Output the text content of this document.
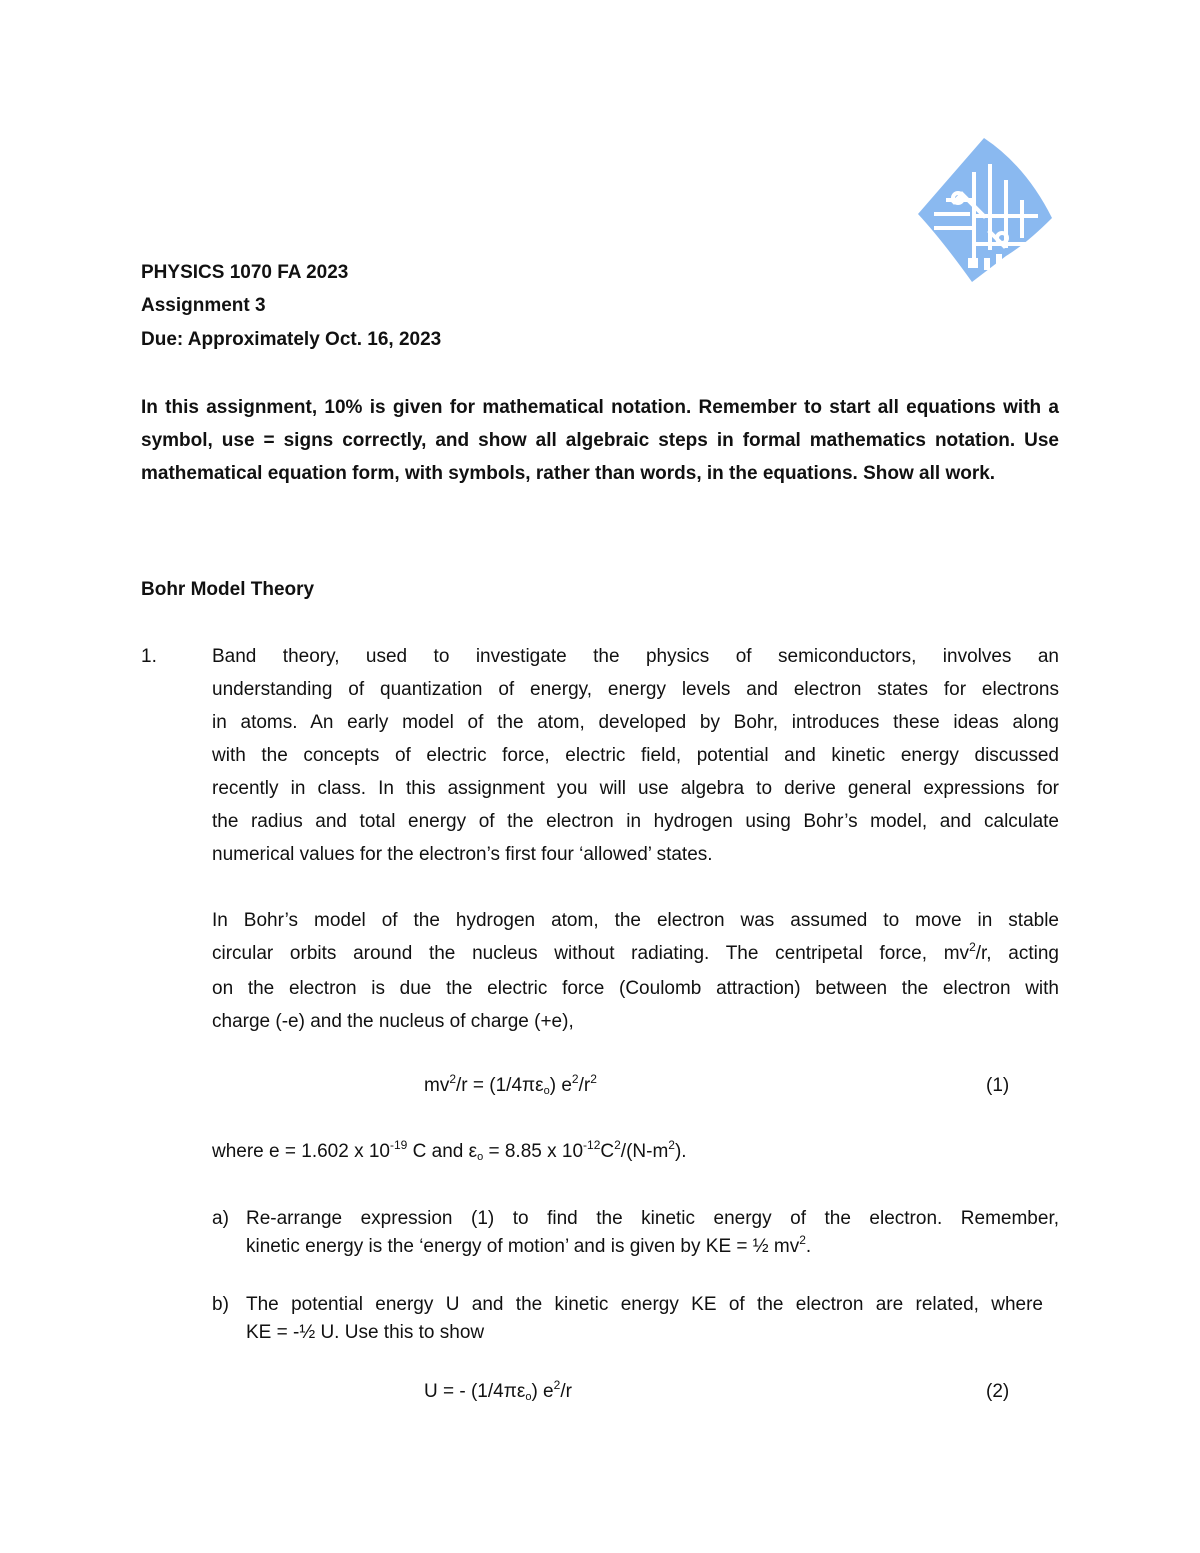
PHYSICS 1070 FA 2023
Assignment 3
Due: Approximately Oct. 16, 2023
In this assignment, 10% is given for mathematical notation. Remember to start all equations with a symbol, use = signs correctly, and show all algebraic steps in formal mathematics notation. Use mathematical equation form, with symbols, rather than words, in the equations. Show all work.
Bohr Model Theory
1.	Band theory, used to investigate the physics of semiconductors, involves an
understanding of quantization of energy, energy levels and electron states for electrons
in atoms. An early model of the atom, developed by Bohr, introduces these ideas along
with the concepts of electric force, electric field, potential and kinetic energy discussed
recently in class. In this assignment you will use algebra to derive general expressions for
the radius and total energy of the electron in hydrogen using Bohr’s model, and calculate
numerical values for the electron’s first four ‘allowed’ states.
In Bohr’s model of the hydrogen atom, the electron was assumed to move in stable
circular orbits around the nucleus without radiating. The centripetal force, $mv^2/r$, acting
on the electron is due the electric force (Coulomb attraction) between the electron with
charge (-e) and the nucleus of charge (+e),
$mv^2/r = (1/4\pi\varepsilon_o)$ $e^2/r^2$	(1)
where e = 1.602 x $10^{-19}$ C and $\varepsilon_o = 8.85$ x $10^{-12}C^2/(N-m^2)$.
a) Re-arrange expression (1) to find the kinetic energy of the electron. Remember,
kinetic energy is the ‘energy of motion’ and is given by KE = ½ $mv^2$.
b) The potential energy U and the kinetic energy KE of the electron are related, where
KE = -½ U. Use this to show
U = - $(1/4\pi\varepsilon_o)$ $e^2/r$	(2)
